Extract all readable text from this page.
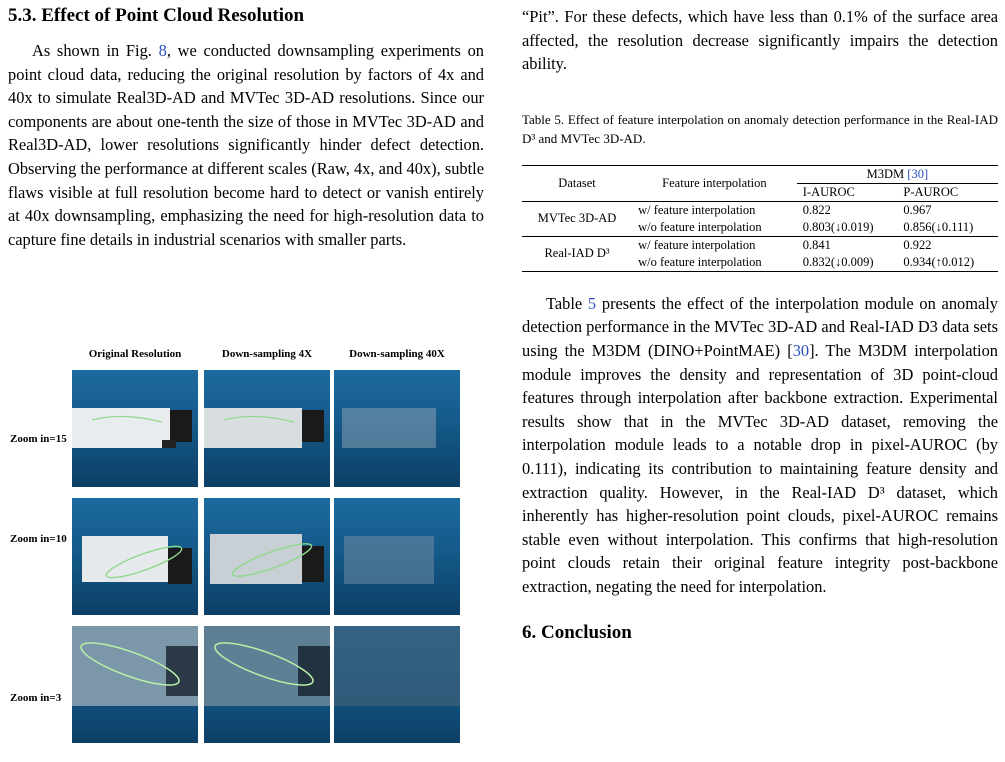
5.3. Effect of Point Cloud Resolution

As shown in Fig. 8, we conducted downsampling experiments on point cloud data, reducing the original resolution by factors of 4x and 40x to simulate Real3D-AD and MVTec 3D-AD resolutions. Since our components are about one-tenth the size of those in MVTec 3D-AD and Real3D-AD, lower resolutions significantly hinder defect detection. Observing the performance at different scales (Raw, 4x, and 40x), subtle flaws visible at full resolution become hard to detect or vanish entirely at 40x downsampling, emphasizing the need for high-resolution data to capture fine details in industrial scenarios with smaller parts.

Original Resolution	Down-sampling 4X	Down-sampling 40X
Zoom in=15
Zoom in=10
Zoom in=3

“Pit”. For these defects, which have less than 0.1% of the surface area affected, the resolution decrease significantly impairs the detection ability.

Table 5. Effect of feature interpolation on anomaly detection performance in the Real-IAD D³ and MVTec 3D-AD.

Dataset	Feature interpolation	M3DM [30]	
		I-AUROC	P-AUROC
MVTec 3D-AD	w/ feature interpolation	0.822	0.967
	w/o feature interpolation	0.803(↓0.019)	0.856(↓0.111)
Real-IAD D³	w/ feature interpolation	0.841	0.922
	w/o feature interpolation	0.832(↓0.009)	0.934(↑0.012)

Table 5 presents the effect of the interpolation module on anomaly detection performance in the MVTec 3D-AD and Real-IAD D3 data sets using the M3DM (DINO+PointMAE) [30]. The M3DM interpolation module improves the density and representation of 3D point-cloud features through interpolation after backbone extraction. Experimental results show that in the MVTec 3D-AD dataset, removing the interpolation module leads to a notable drop in pixel-AUROC (by 0.111), indicating its contribution to maintaining feature density and extraction quality. However, in the Real-IAD D³ dataset, which inherently has higher-resolution point clouds, pixel-AUROC remains stable even without interpolation. This confirms that high-resolution point clouds retain their original feature integrity post-backbone extraction, negating the need for interpolation.

6. Conclusion
